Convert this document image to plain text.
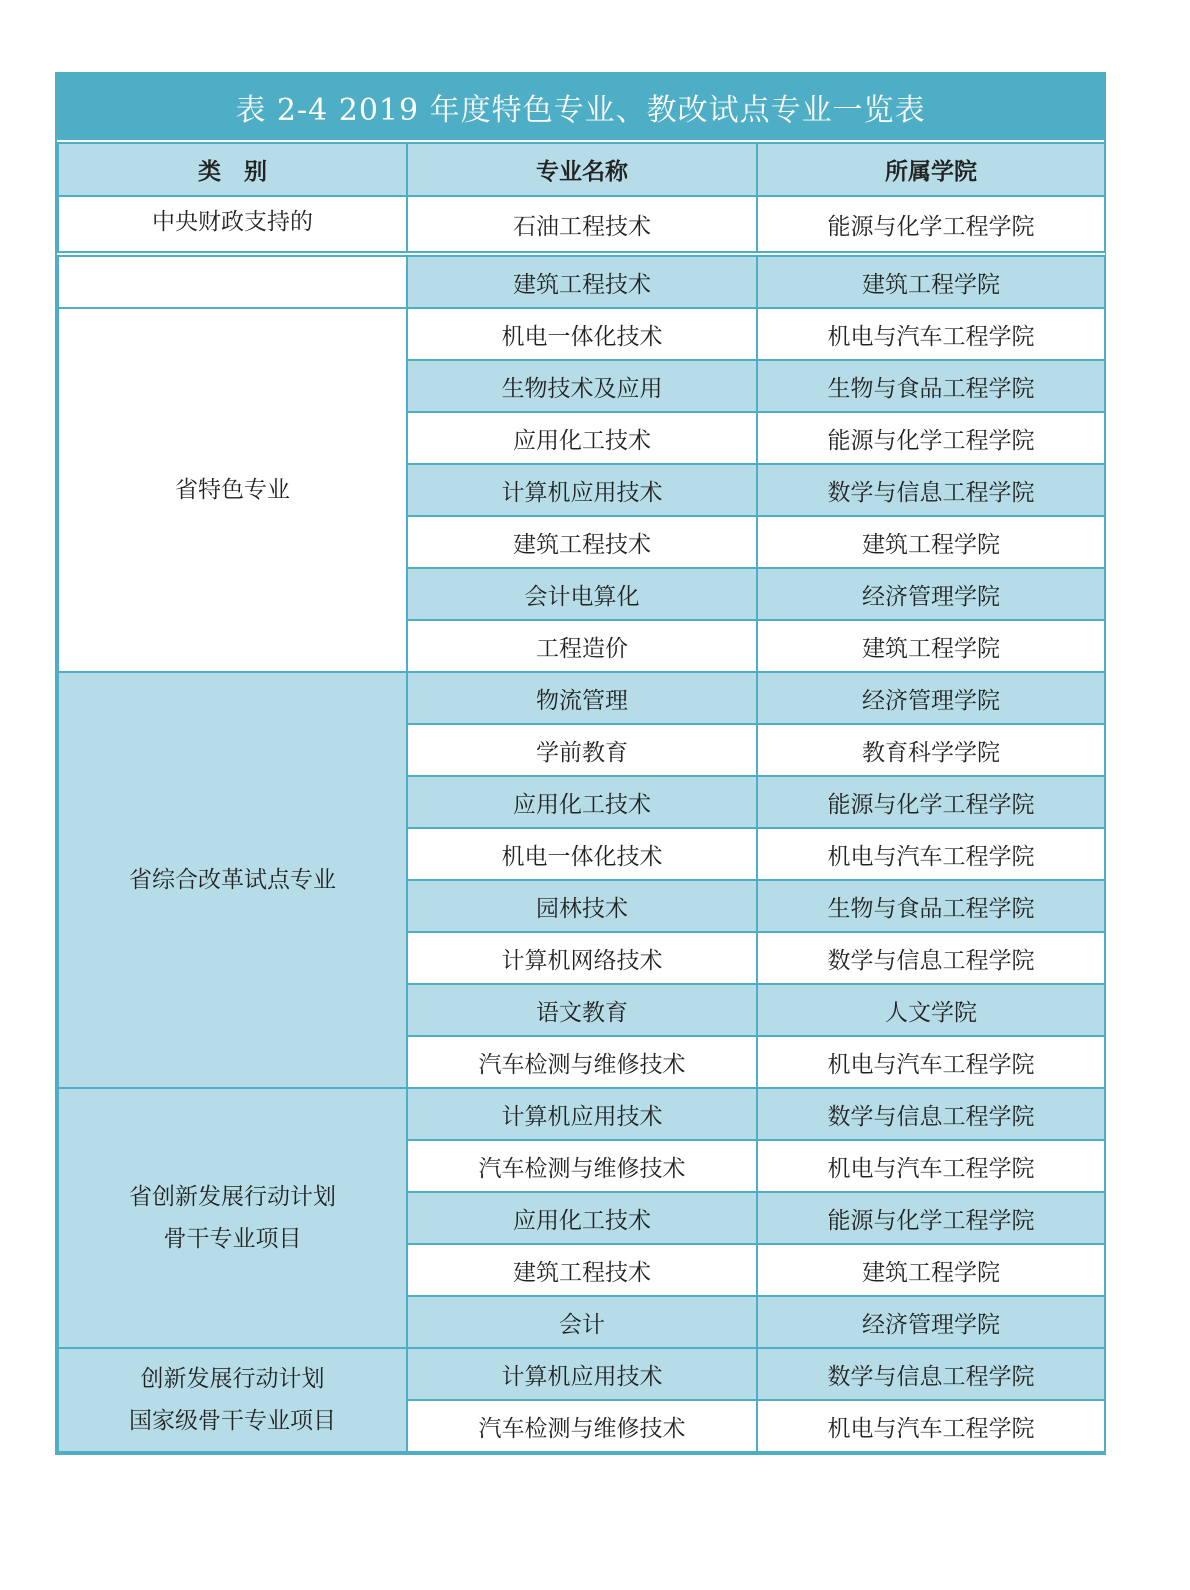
表 2-4 2019 年度特色专业、教改试点专业一览表
类　别	专业名称	所属学院

中央财政支持的	石油工程技术	能源与化学工程学院

	建筑工程技术	建筑工程学院

省特色专业	机电一体化技术	机电与汽车工程学院
	生物技术及应用	生物与食品工程学院
	应用化工技术	能源与化学工程学院
	计算机应用技术	数学与信息工程学院
	建筑工程技术	建筑工程学院
	会计电算化	经济管理学院
	工程造价	建筑工程学院

省综合改革试点专业	物流管理	经济管理学院
	学前教育	教育科学学院
	应用化工技术	能源与化学工程学院
	机电一体化技术	机电与汽车工程学院
	园林技术	生物与食品工程学院
	计算机网络技术	数学与信息工程学院
	语文教育	人文学院
	汽车检测与维修技术	机电与汽车工程学院

省创新发展行动计划
骨干专业项目	计算机应用技术	数学与信息工程学院
	汽车检测与维修技术	机电与汽车工程学院
	应用化工技术	能源与化学工程学院
	建筑工程技术	建筑工程学院
	会计	经济管理学院

创新发展行动计划
国家级骨干专业项目	计算机应用技术	数学与信息工程学院
	汽车检测与维修技术	机电与汽车工程学院
